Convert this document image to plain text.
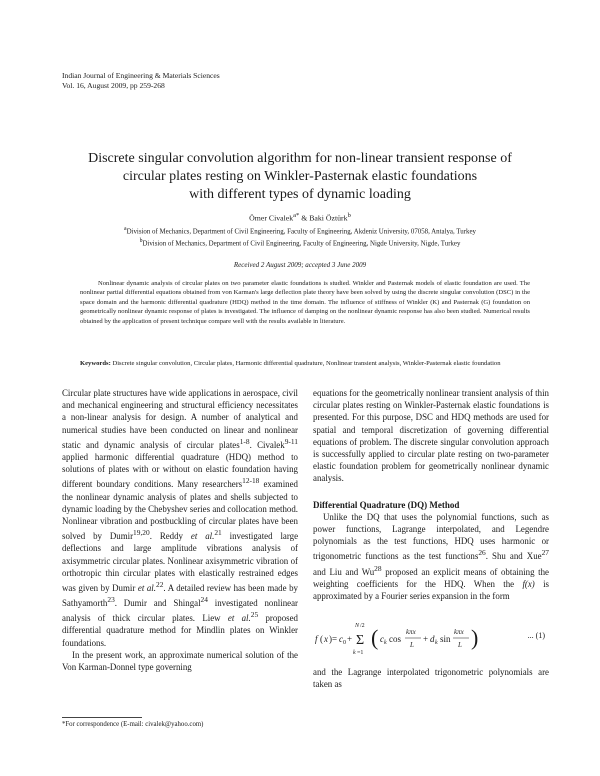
Indian Journal of Engineering & Materials Sciences
Vol. 16, August 2009, pp 259-268
Discrete singular convolution algorithm for non-linear transient response of
circular plates resting on Winkler-Pasternak elastic foundations
with different types of dynamic loading
Ömer Civalek$^{a*}$ & Baki Öztürk$^b$
$^a$Division of Mechanics, Department of Civil Engineering, Faculty of Engineering, Akdeniz University, 07058, Antalya, Turkey
$^b$Division of Mechanics, Department of Civil Engineering, Faculty of Engineering, Nigde University, Nigde, Turkey
Received 2 August 2009; accepted 3 June 2009

Nonlinear dynamic analysis of circular plates on two parameter elastic foundations is studied. Winkler and Pasternak models of elastic foundation are used. The nonlinear partial differential equations obtained from von Karman's large deflection plate theory have been solved by using the discrete singular convolution (DSC) in the space domain and the harmonic differential quadrature (HDQ) method in the time domain. The influence of stiffness of Winkler (K) and Pasternak (G) foundation on geometrically nonlinear dynamic response of plates is investigated. The influence of damping on the nonlinear dynamic response has also been studied. Numerical results obtained by the application of present technique compare well with the results available in literature.

Keywords: Discrete singular convolution, Circular plates, Harmonic differential quadrature, Nonlinear transient analysis, Winkler-Pasternak elastic foundation

Circular plate structures have wide applications in aerospace, civil and mechanical engineering and structural efficiency necessitates a non-linear analysis for design. A number of analytical and numerical studies have been conducted on linear and nonlinear static and dynamic analysis of circular plates$^{1-8}$. Civalek$^{9-11}$ applied harmonic differential quadrature (HDQ) method to solutions of plates with or without on elastic foundation having different boundary conditions. Many researchers$^{12-18}$ examined the nonlinear dynamic analysis of plates and shells subjected to dynamic loading by the Chebyshev series and collocation method. Nonlinear vibration and postbuckling of circular plates have been solved by Dumir$^{19,20}$. Reddy et al.$^{21}$ investigated large deflections and large amplitude vibrations analysis of axisymmetric circular plates. Nonlinear axisymmetric vibration of orthotropic thin circular plates with elastically restrained edges was given by Dumir et al.$^{22}$. A detailed review has been made by Sathyamorth$^{23}$. Dumir and Shingal$^{24}$ investigated nonlinear analysis of thick circular plates. Liew et al.$^{25}$ proposed differential quadrature method for Mindlin plates on Winkler foundations.

In the present work, an approximate numerical solution of the Von Karman-Donnel type governing

equations for the geometrically nonlinear transient analysis of thin circular plates resting on Winkler-Pasternak elastic foundations is presented. For this purpose, DSC and HDQ methods are used for spatial and temporal discretization of governing differential equations of problem. The discrete singular convolution approach is successfully applied to circular plate resting on two-parameter elastic foundation problem for geometrically nonlinear dynamic analysis.

Differential Quadrature (DQ) Method

Unlike the DQ that uses the polynomial functions, such as power functions, Lagrange interpolated, and Legendre polynomials as the test functions, HDQ uses harmonic or trigonometric functions as the test functions$^{26}$. Shu and Xue$^{27}$ and Liu and Wu$^{28}$ proposed an explicit means of obtaining the weighting coefficients for the HDQ. When the f(x) is approximated by a Fourier series expansion in the form

f ( x )= c 0 +
N /2
Σ
k =1
( c k cos
kπx
L
+ d k sin
kπx
L )	... (1)

and the Lagrange interpolated trigonometric polynomials are taken as

*For correspondence (E-mail: civalek@yahoo.com)
